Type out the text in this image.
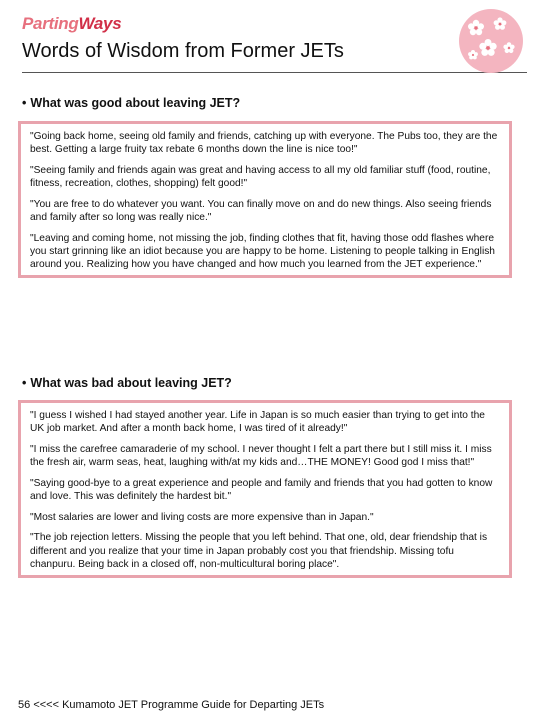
PartingWays
Words of Wisdom from Former JETs
• What was good about leaving JET?

"Going back home, seeing old family and friends, catching up with everyone. The Pubs too, they are the best. Getting a large fruity tax rebate 6 months down the line is nice too!"

"Seeing family and friends again was great and having access to all my old familiar stuff (food, routine, fitness, recreation, clothes, shopping) felt good!"

"You are free to do whatever you want. You can finally move on and do new things. Also seeing friends and family after so long was really nice."

"Leaving and coming home, not missing the job, finding clothes that fit, having those odd flashes where you start grinning like an idiot because you are happy to be home. Listening to people talking in English around you. Realizing how you have changed and how much you learned from the JET experience."

• What was bad about leaving JET?

"I guess I wished I had stayed another year. Life in Japan is so much easier than trying to get into the UK job market. And after a month back home, I was tired of it already!"

"I miss the carefree camaraderie of my school. I never thought I felt a part there but I still miss it. I miss the fresh air, warm seas, heat, laughing with/at my kids and…THE MONEY! Good god I miss that!"

"Saying good-bye to a great experience and people and family and friends that you had gotten to know and love. This was definitely the hardest bit."

"Most salaries are lower and living costs are more expensive than in Japan."

"The job rejection letters. Missing the people that you left behind. That one, old, dear friendship that is different and you realize that your time in Japan probably cost you that friendship. Missing tofu chanpuru. Being back in a closed off, non-multicultural boring place".

56 <<<< Kumamoto JET Programme Guide for Departing JETs
